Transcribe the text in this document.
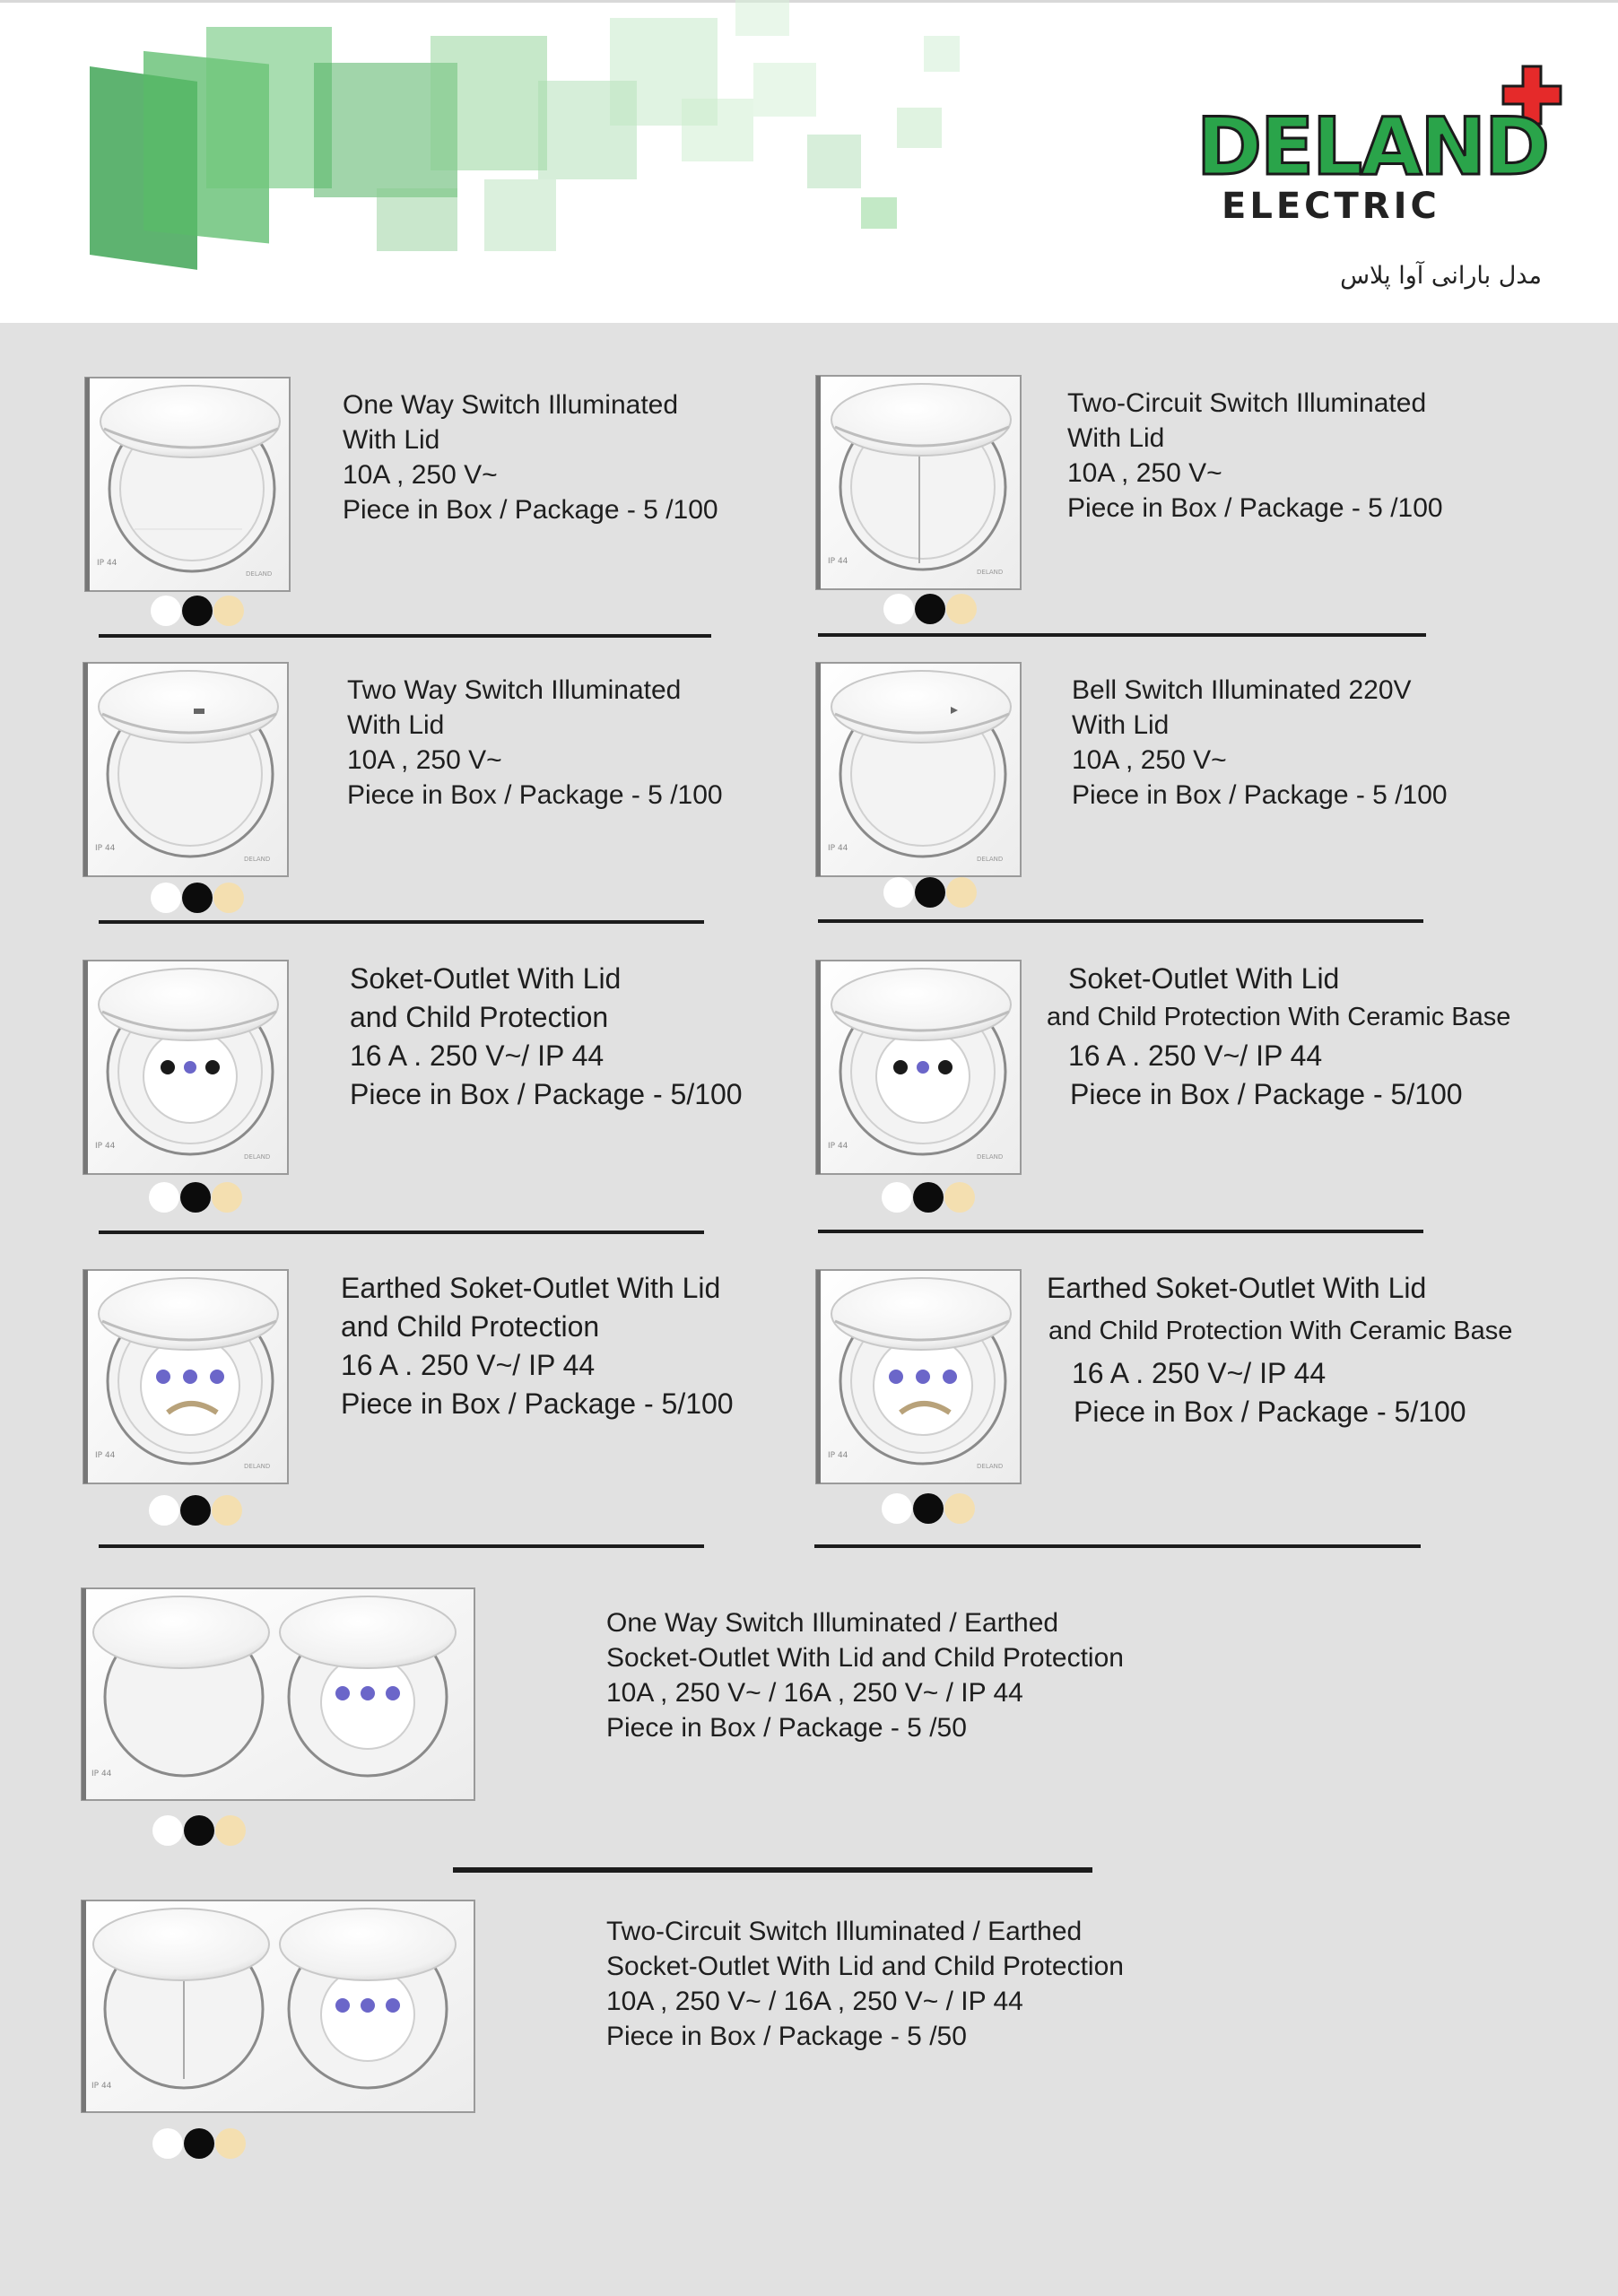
DELAND
ELECTRIC
مدل بارانی آوا پلاس
One Way Switch Illuminated
With Lid
10A , 250 V~
Piece in Box / Package - 5 /100
Two-Circuit Switch Illuminated
With Lid
10A , 250 V~
Piece in Box / Package - 5 /100
Two Way Switch Illuminated
With Lid
10A , 250 V~
Piece in Box / Package - 5 /100
Bell Switch Illuminated 220V
With Lid
10A , 250 V~
Piece in Box / Package - 5 /100
Soket-Outlet With Lid
and Child Protection
16 A . 250 V~/ IP 44
Piece in Box / Package - 5/100
Soket-Outlet With Lid
and Child Protection With Ceramic Base
16 A . 250 V~/ IP 44
Piece in Box / Package - 5/100
Earthed Soket-Outlet With Lid
and Child Protection
16 A . 250 V~/ IP 44
Piece in Box / Package - 5/100
Earthed Soket-Outlet With Lid
and Child Protection With Ceramic Base
16 A . 250 V~/ IP 44
Piece in Box / Package - 5/100
IP 44
One Way Switch Illuminated / Earthed
Socket-Outlet With Lid and Child Protection
10A , 250 V~ / 16A , 250 V~ / IP 44
Piece in Box / Package - 5 /50
IP 44
Two-Circuit Switch Illuminated / Earthed
Socket-Outlet With Lid and Child Protection
10A , 250 V~ / 16A , 250 V~ / IP 44
Piece in Box / Package - 5 /50
